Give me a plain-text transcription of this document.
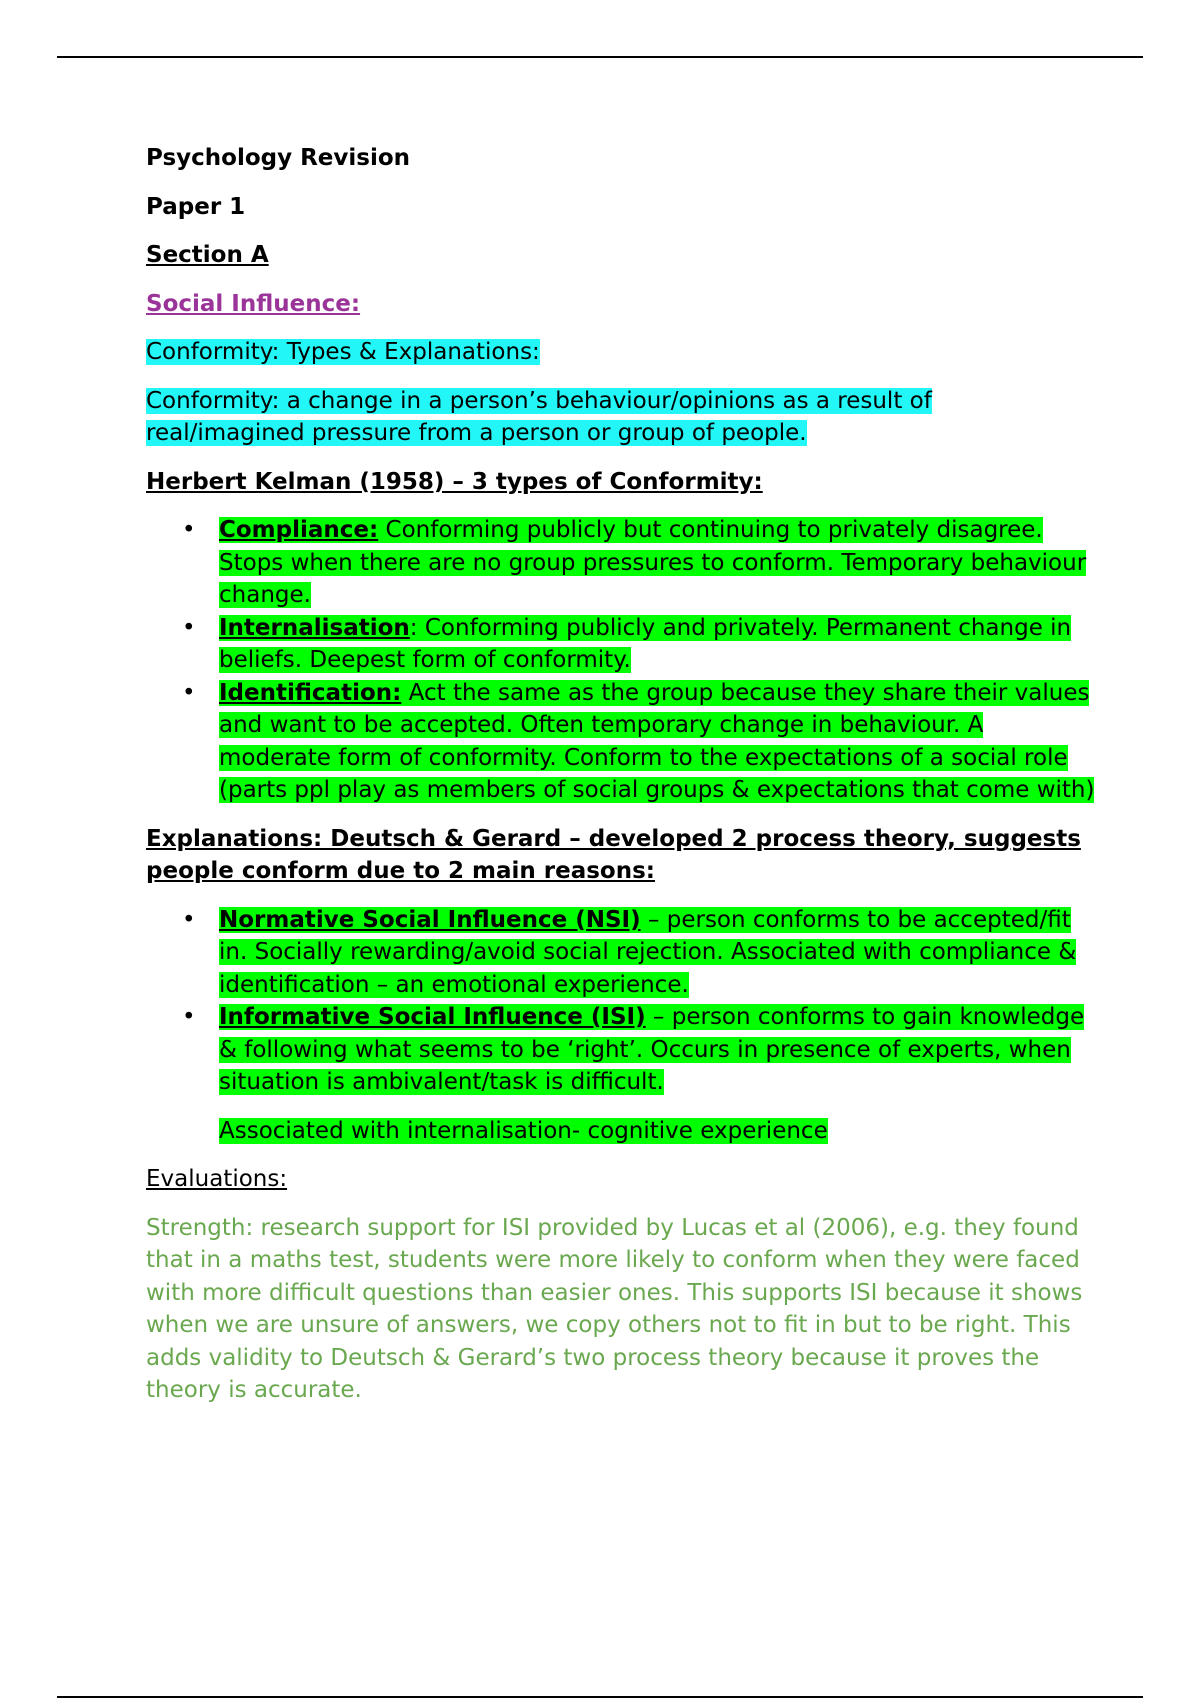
Psychology Revision

Paper 1

Section A

Social Influence:

Conformity: Types & Explanations:

Conformity: a change in a person’s behaviour/opinions as a result of real/imagined pressure from a person or group of people.

Herbert Kelman (1958) – 3 types of Conformity:

• Compliance: Conforming publicly but continuing to privately disagree. Stops when there are no group pressures to conform. Temporary behaviour change.
• Internalisation: Conforming publicly and privately. Permanent change in beliefs. Deepest form of conformity.
• Identification: Act the same as the group because they share their values and want to be accepted. Often temporary change in behaviour. A moderate form of conformity. Conform to the expectations of a social role (parts ppl play as members of social groups & expectations that come with)

Explanations: Deutsch & Gerard – developed 2 process theory, suggests people conform due to 2 main reasons:

• Normative Social Influence (NSI) – person conforms to be accepted/fit in. Socially rewarding/avoid social rejection. Associated with compliance & identification – an emotional experience.
• Informative Social Influence (ISI) – person conforms to gain knowledge & following what seems to be ‘right’. Occurs in presence of experts, when situation is ambivalent/task is difficult.

Associated with internalisation- cognitive experience

Evaluations:

Strength: research support for ISI provided by Lucas et al (2006), e.g. they found that in a maths test, students were more likely to conform when they were faced with more difficult questions than easier ones. This supports ISI because it shows when we are unsure of answers, we copy others not to fit in but to be right. This adds validity to Deutsch & Gerard’s two process theory because it proves the theory is accurate.
